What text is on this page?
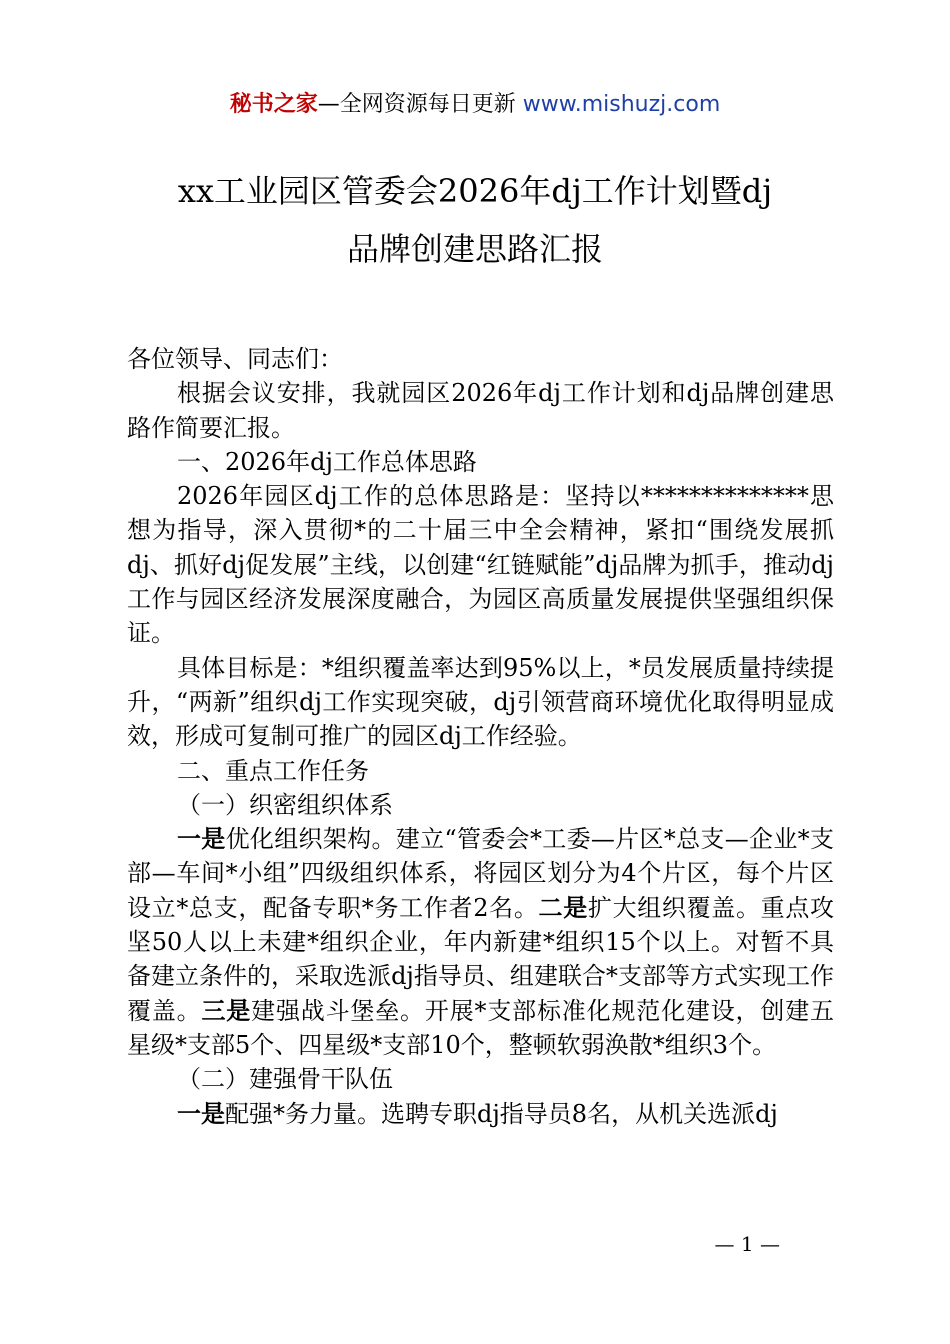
秘书之家—全网资源每日更新 www.mishuzj.com
xx工业园区管委会2026年dj工作计划暨dj
品牌创建思路汇报

各位领导、同志们：

根据会议安排，我就园区2026年dj工作计划和dj品牌创建思路作简要汇报。

一、2026年dj工作总体思路

2026年园区dj工作的总体思路是：坚持以**************思想为指导，深入贯彻*的二十届三中全会精神，紧扣“围绕发展抓dj、抓好dj促发展”主线，以创建“红链赋能”dj品牌为抓手，推动dj工作与园区经济发展深度融合，为园区高质量发展提供坚强组织保证。

具体目标是：*组织覆盖率达到95%以上，*员发展质量持续提升，“两新”组织dj工作实现突破，dj引领营商环境优化取得明显成效，形成可复制可推广的园区dj工作经验。

二、重点工作任务

（一）织密组织体系

一是优化组织架构。建立“管委会*工委—片区*总支—企业*支部—车间*小组”四级组织体系，将园区划分为4个片区，每个片区设立*总支，配备专职*务工作者2名。二是扩大组织覆盖。重点攻坚50人以上未建*组织企业，年内新建*组织15个以上。对暂不具备建立条件的，采取选派dj指导员、组建联合*支部等方式实现工作覆盖。三是建强战斗堡垒。开展*支部标准化规范化建设，创建五星级*支部5个、四星级*支部10个，整顿软弱涣散*组织3个。

（二）建强骨干队伍

一是配强*务力量。选聘专职dj指导员8名，从机关选派dj

— 1 —
